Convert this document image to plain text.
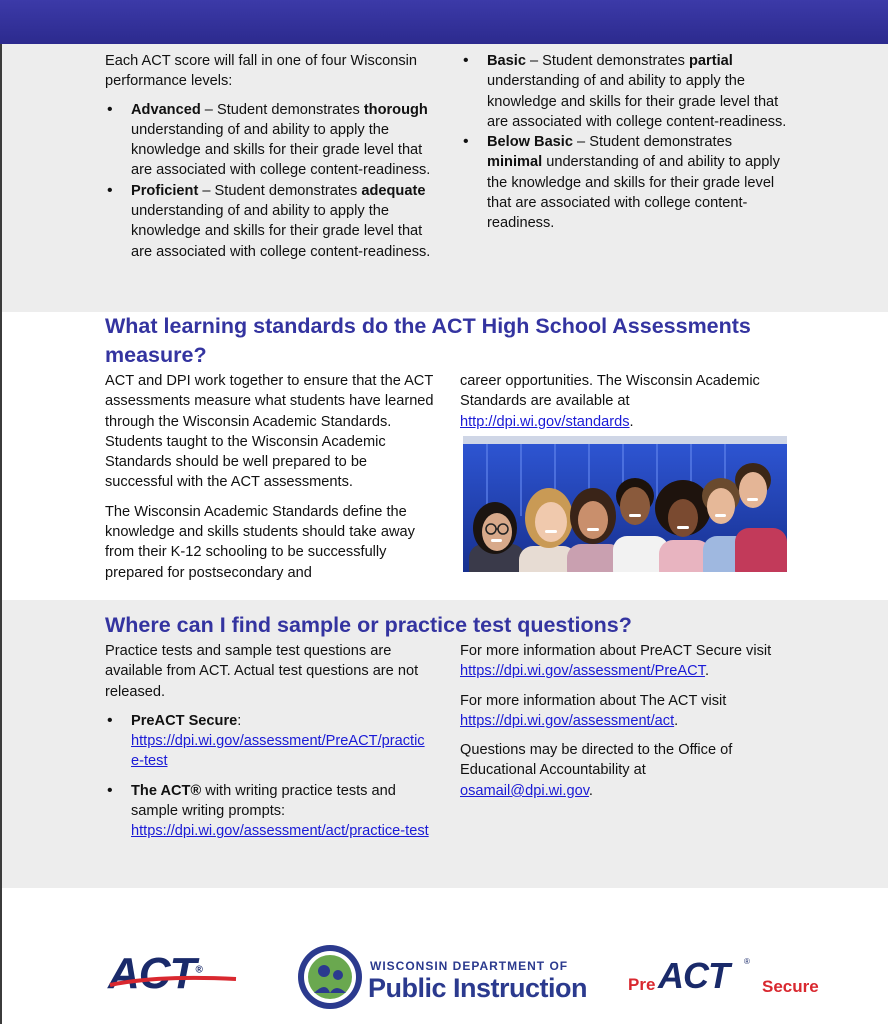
Each ACT score will fall in one of four Wisconsin performance levels:

• Advanced – Student demonstrates thorough understanding of and ability to apply the knowledge and skills for their grade level that are associated with college content-readiness.
• Proficient – Student demonstrates adequate understanding of and ability to apply the knowledge and skills for their grade level that are associated with college content-readiness.
• Basic – Student demonstrates partial understanding of and ability to apply the knowledge and skills for their grade level that are associated with college content-readiness.
• Below Basic – Student demonstrates minimal understanding of and ability to apply the knowledge and skills for their grade level that are associated with college content-readiness.
What learning standards do the ACT High School Assessments measure?

ACT and DPI work together to ensure that the ACT assessments measure what students have learned through the Wisconsin Academic Standards. Students taught to the Wisconsin Academic Standards should be well prepared to be successful with the ACT assessments.

The Wisconsin Academic Standards define the knowledge and skills students should take away from their K-12 schooling to be successfully prepared for postsecondary and

career opportunities. The Wisconsin Academic Standards are available at http://dpi.wi.gov/standards.

Where can I find sample or practice test questions?

Practice tests and sample test questions are available from ACT. Actual test questions are not released.

• PreACT Secure:
https://dpi.wi.gov/assessment/PreACT/practice-test
• The ACT® with writing practice tests and sample writing prompts:
https://dpi.wi.gov/assessment/act/practice-test

For more information about PreACT Secure visit https://dpi.wi.gov/assessment/PreACT.

For more information about The ACT visit
https://dpi.wi.gov/assessment/act.

Questions may be directed to the Office of Educational Accountability at osamail@dpi.wi.gov.

ACT®	WISCONSIN DEPARTMENT OF
Public Instruction Pre ACT ®
Secure
